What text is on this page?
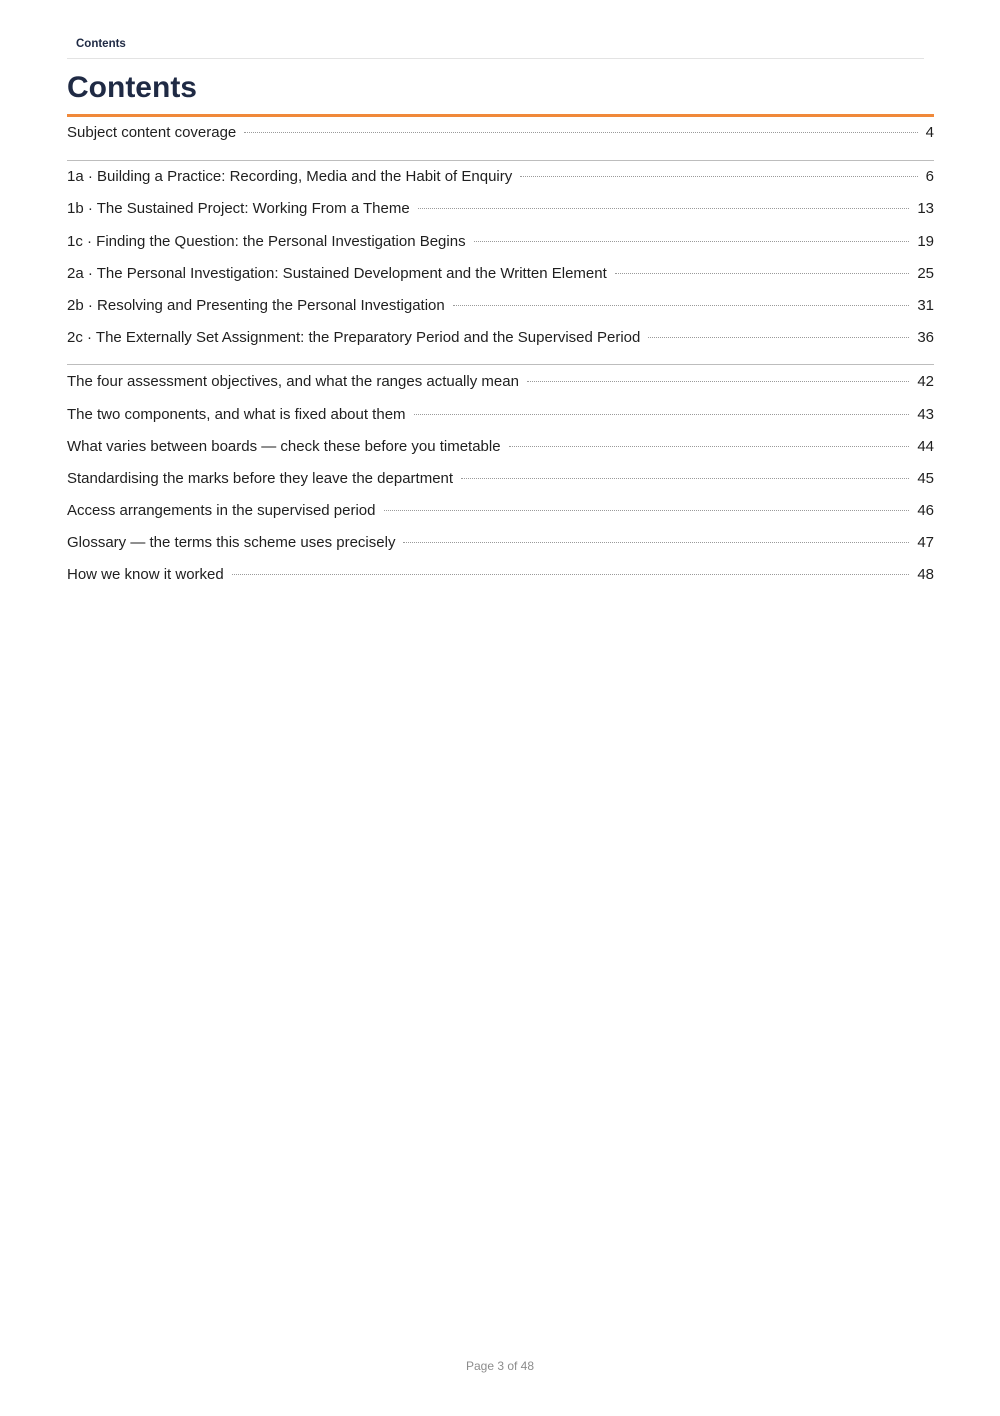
Contents
Contents
Subject content coverage	4
1a · Building a Practice: Recording, Media and the Habit of Enquiry	6
1b · The Sustained Project: Working From a Theme	13
1c · Finding the Question: the Personal Investigation Begins	19
2a · The Personal Investigation: Sustained Development and the Written Element	25
2b · Resolving and Presenting the Personal Investigation	31
2c · The Externally Set Assignment: the Preparatory Period and the Supervised Period	36
The four assessment objectives, and what the ranges actually mean	42
The two components, and what is fixed about them	43
What varies between boards — check these before you timetable	44
Standardising the marks before they leave the department	45
Access arrangements in the supervised period	46
Glossary — the terms this scheme uses precisely	47
How we know it worked	48
Page 3 of 48
